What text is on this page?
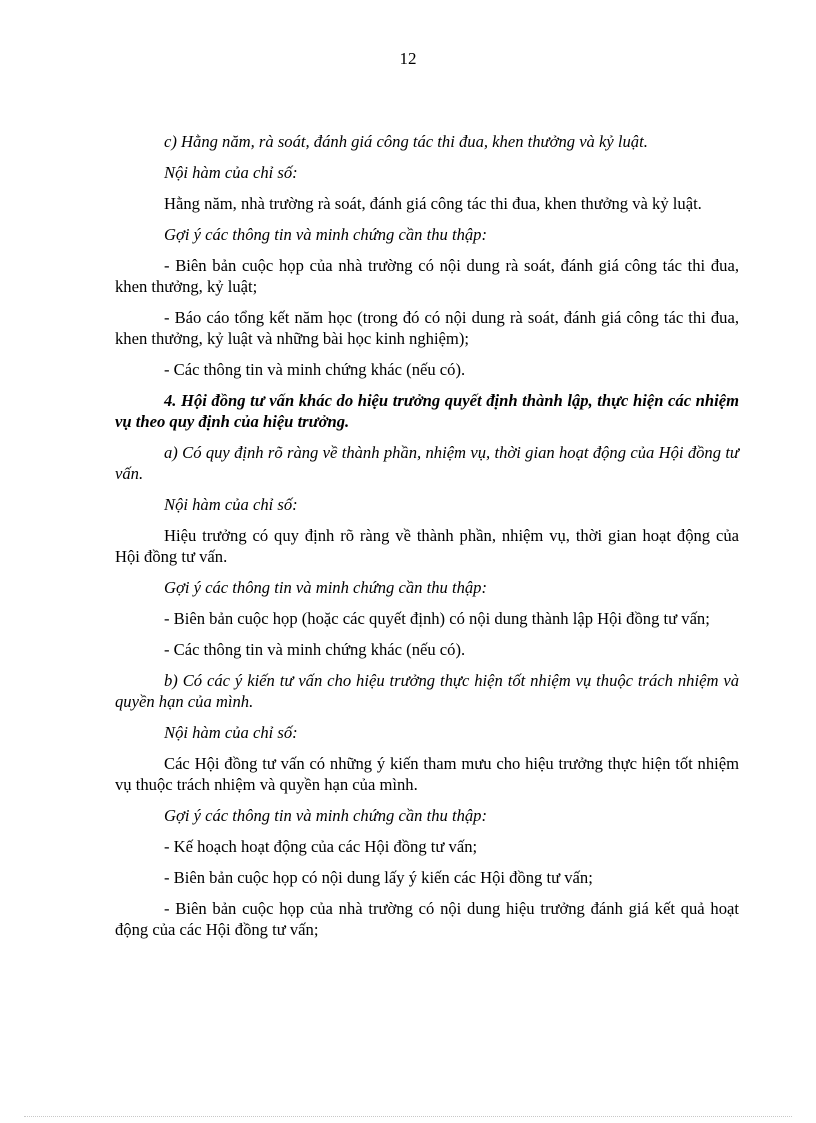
12

c) Hằng năm, rà soát, đánh giá công tác thi đua, khen thưởng và kỷ luật.

Nội hàm của chỉ số:

Hằng năm, nhà trường rà soát, đánh giá công tác thi đua, khen thưởng và kỷ luật.

Gợi ý các thông tin và minh chứng cần thu thập:

- Biên bản cuộc họp của nhà trường có nội dung rà soát, đánh giá công tác thi đua, khen thưởng, kỷ luật;

- Báo cáo tổng kết năm học (trong đó có nội dung rà soát, đánh giá công tác thi đua, khen thưởng, kỷ luật và những bài học kinh nghiệm);

- Các thông tin và minh chứng khác (nếu có).

4. Hội đồng tư vấn khác do hiệu trưởng quyết định thành lập, thực hiện các nhiệm vụ theo quy định của hiệu trưởng.

a) Có quy định rõ ràng về thành phần, nhiệm vụ, thời gian hoạt động của Hội đồng tư vấn.

Nội hàm của chỉ số:

Hiệu trưởng có quy định rõ ràng về thành phần, nhiệm vụ, thời gian hoạt động của Hội đồng tư vấn.

Gợi ý các thông tin và minh chứng cần thu thập:

- Biên bản cuộc họp (hoặc các quyết định) có nội dung thành lập Hội đồng tư vấn;

- Các thông tin và minh chứng khác (nếu có).

b) Có các ý kiến tư vấn cho hiệu trưởng thực hiện tốt nhiệm vụ thuộc trách nhiệm và quyền hạn của mình.

Nội hàm của chỉ số:

Các Hội đồng tư vấn có những ý kiến tham mưu cho hiệu trưởng thực hiện tốt nhiệm vụ thuộc trách nhiệm và quyền hạn của mình.

Gợi ý các thông tin và minh chứng cần thu thập:

- Kế hoạch hoạt động của các Hội đồng tư vấn;

- Biên bản cuộc họp có nội dung lấy ý kiến các Hội đồng tư vấn;

- Biên bản cuộc họp của nhà trường có nội dung hiệu trưởng đánh giá kết quả hoạt động của các Hội đồng tư vấn;
